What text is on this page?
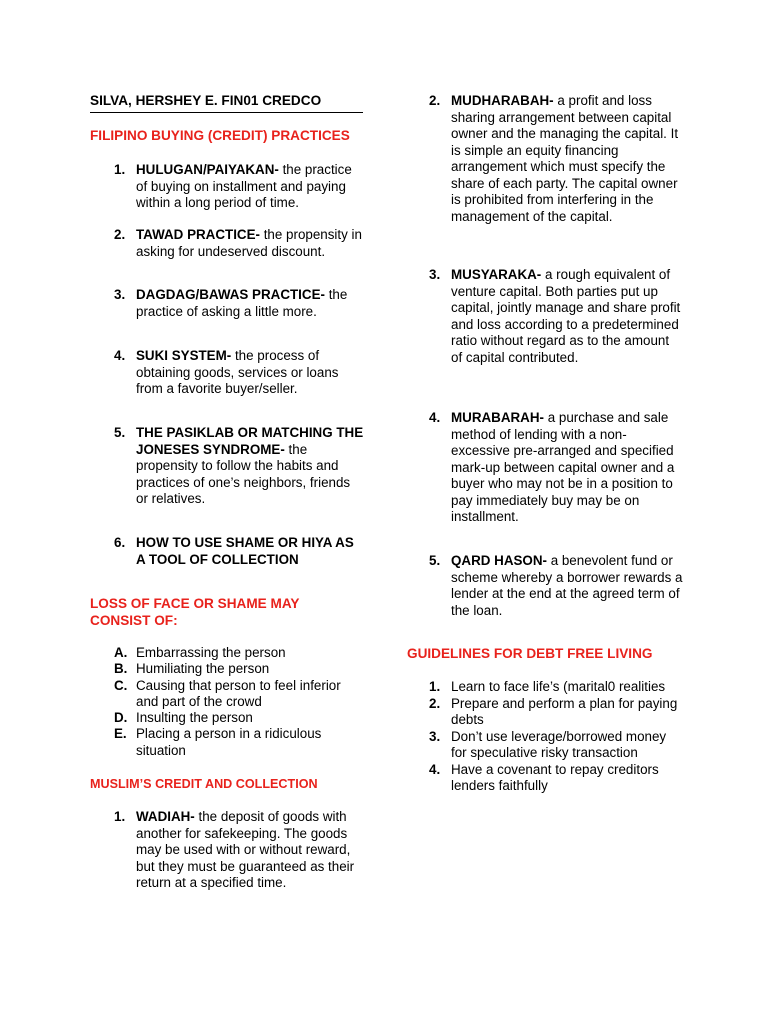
SILVA, HERSHEY E. FIN01 CREDCO
FILIPINO BUYING (CREDIT) PRACTICES
1. HULUGAN/PAIYAKAN- the practice of buying on installment and paying within a long period of time.
2. TAWAD PRACTICE- the propensity in asking for undeserved discount.
3. DAGDAG/BAWAS PRACTICE- the practice of asking a little more.
4. SUKI SYSTEM- the process of obtaining goods, services or loans from a favorite buyer/seller.
5. THE PASIKLAB OR MATCHING THE JONESES SYNDROME- the propensity to follow the habits and practices of one’s neighbors, friends or relatives.
6. HOW TO USE SHAME OR HIYA AS A TOOL OF COLLECTION
LOSS OF FACE OR SHAME MAY CONSIST OF:
A. Embarrassing the person
B. Humiliating the person
C. Causing that person to feel inferior and part of the crowd
D. Insulting the person
E. Placing a person in a ridiculous situation
MUSLIM’S CREDIT AND COLLECTION
1. WADIAH- the deposit of goods with another for safekeeping. The goods may be used with or without reward, but they must be guaranteed as their return at a specified time.
2. MUDHARABAH- a profit and loss sharing arrangement between capital owner and the managing the capital. It is simple an equity financing arrangement which must specify the share of each party. The capital owner is prohibited from interfering in the management of the capital.
3. MUSYARAKA- a rough equivalent of venture capital. Both parties put up capital, jointly manage and share profit and loss according to a predetermined ratio without regard as to the amount of capital contributed.
4. MURABARAH- a purchase and sale method of lending with a non-excessive pre-arranged and specified mark-up between capital owner and a buyer who may not be in a position to pay immediately buy may be on installment.
5. QARD HASON- a benevolent fund or scheme whereby a borrower rewards a lender at the end at the agreed term of the loan.
GUIDELINES FOR DEBT FREE LIVING
1. Learn to face life’s (marital0 realities
2. Prepare and perform a plan for paying debts
3. Don’t use leverage/borrowed money for speculative risky transaction
4. Have a covenant to repay creditors lenders faithfully
